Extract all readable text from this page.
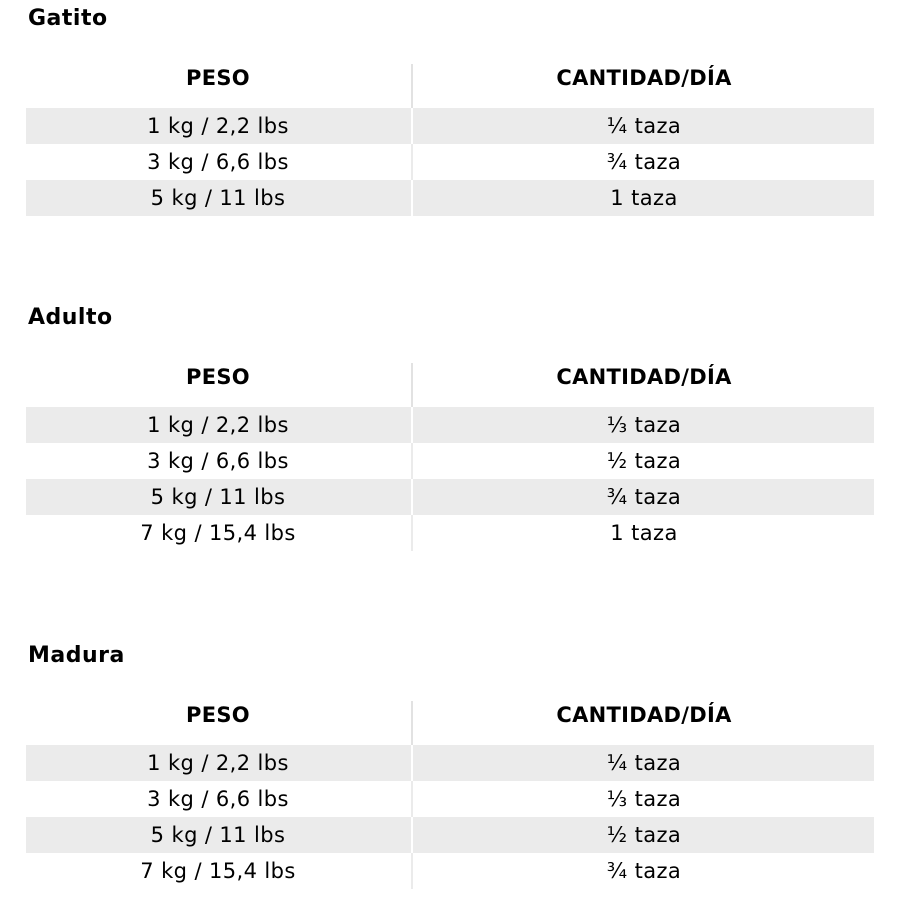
Gatito
PESO	CANTIDAD/DÍA
1 kg / 2,2 lbs	¼ taza
3 kg / 6,6 lbs	¾ taza
5 kg / 11 lbs	1 taza
Adulto
PESO	CANTIDAD/DÍA
1 kg / 2,2 lbs	⅓ taza
3 kg / 6,6 lbs	½ taza
5 kg / 11 lbs	¾ taza
7 kg / 15,4 lbs	1 taza
Madura
PESO	CANTIDAD/DÍA
1 kg / 2,2 lbs	¼ taza
3 kg / 6,6 lbs	⅓ taza
5 kg / 11 lbs	½ taza
7 kg / 15,4 lbs	¾ taza
